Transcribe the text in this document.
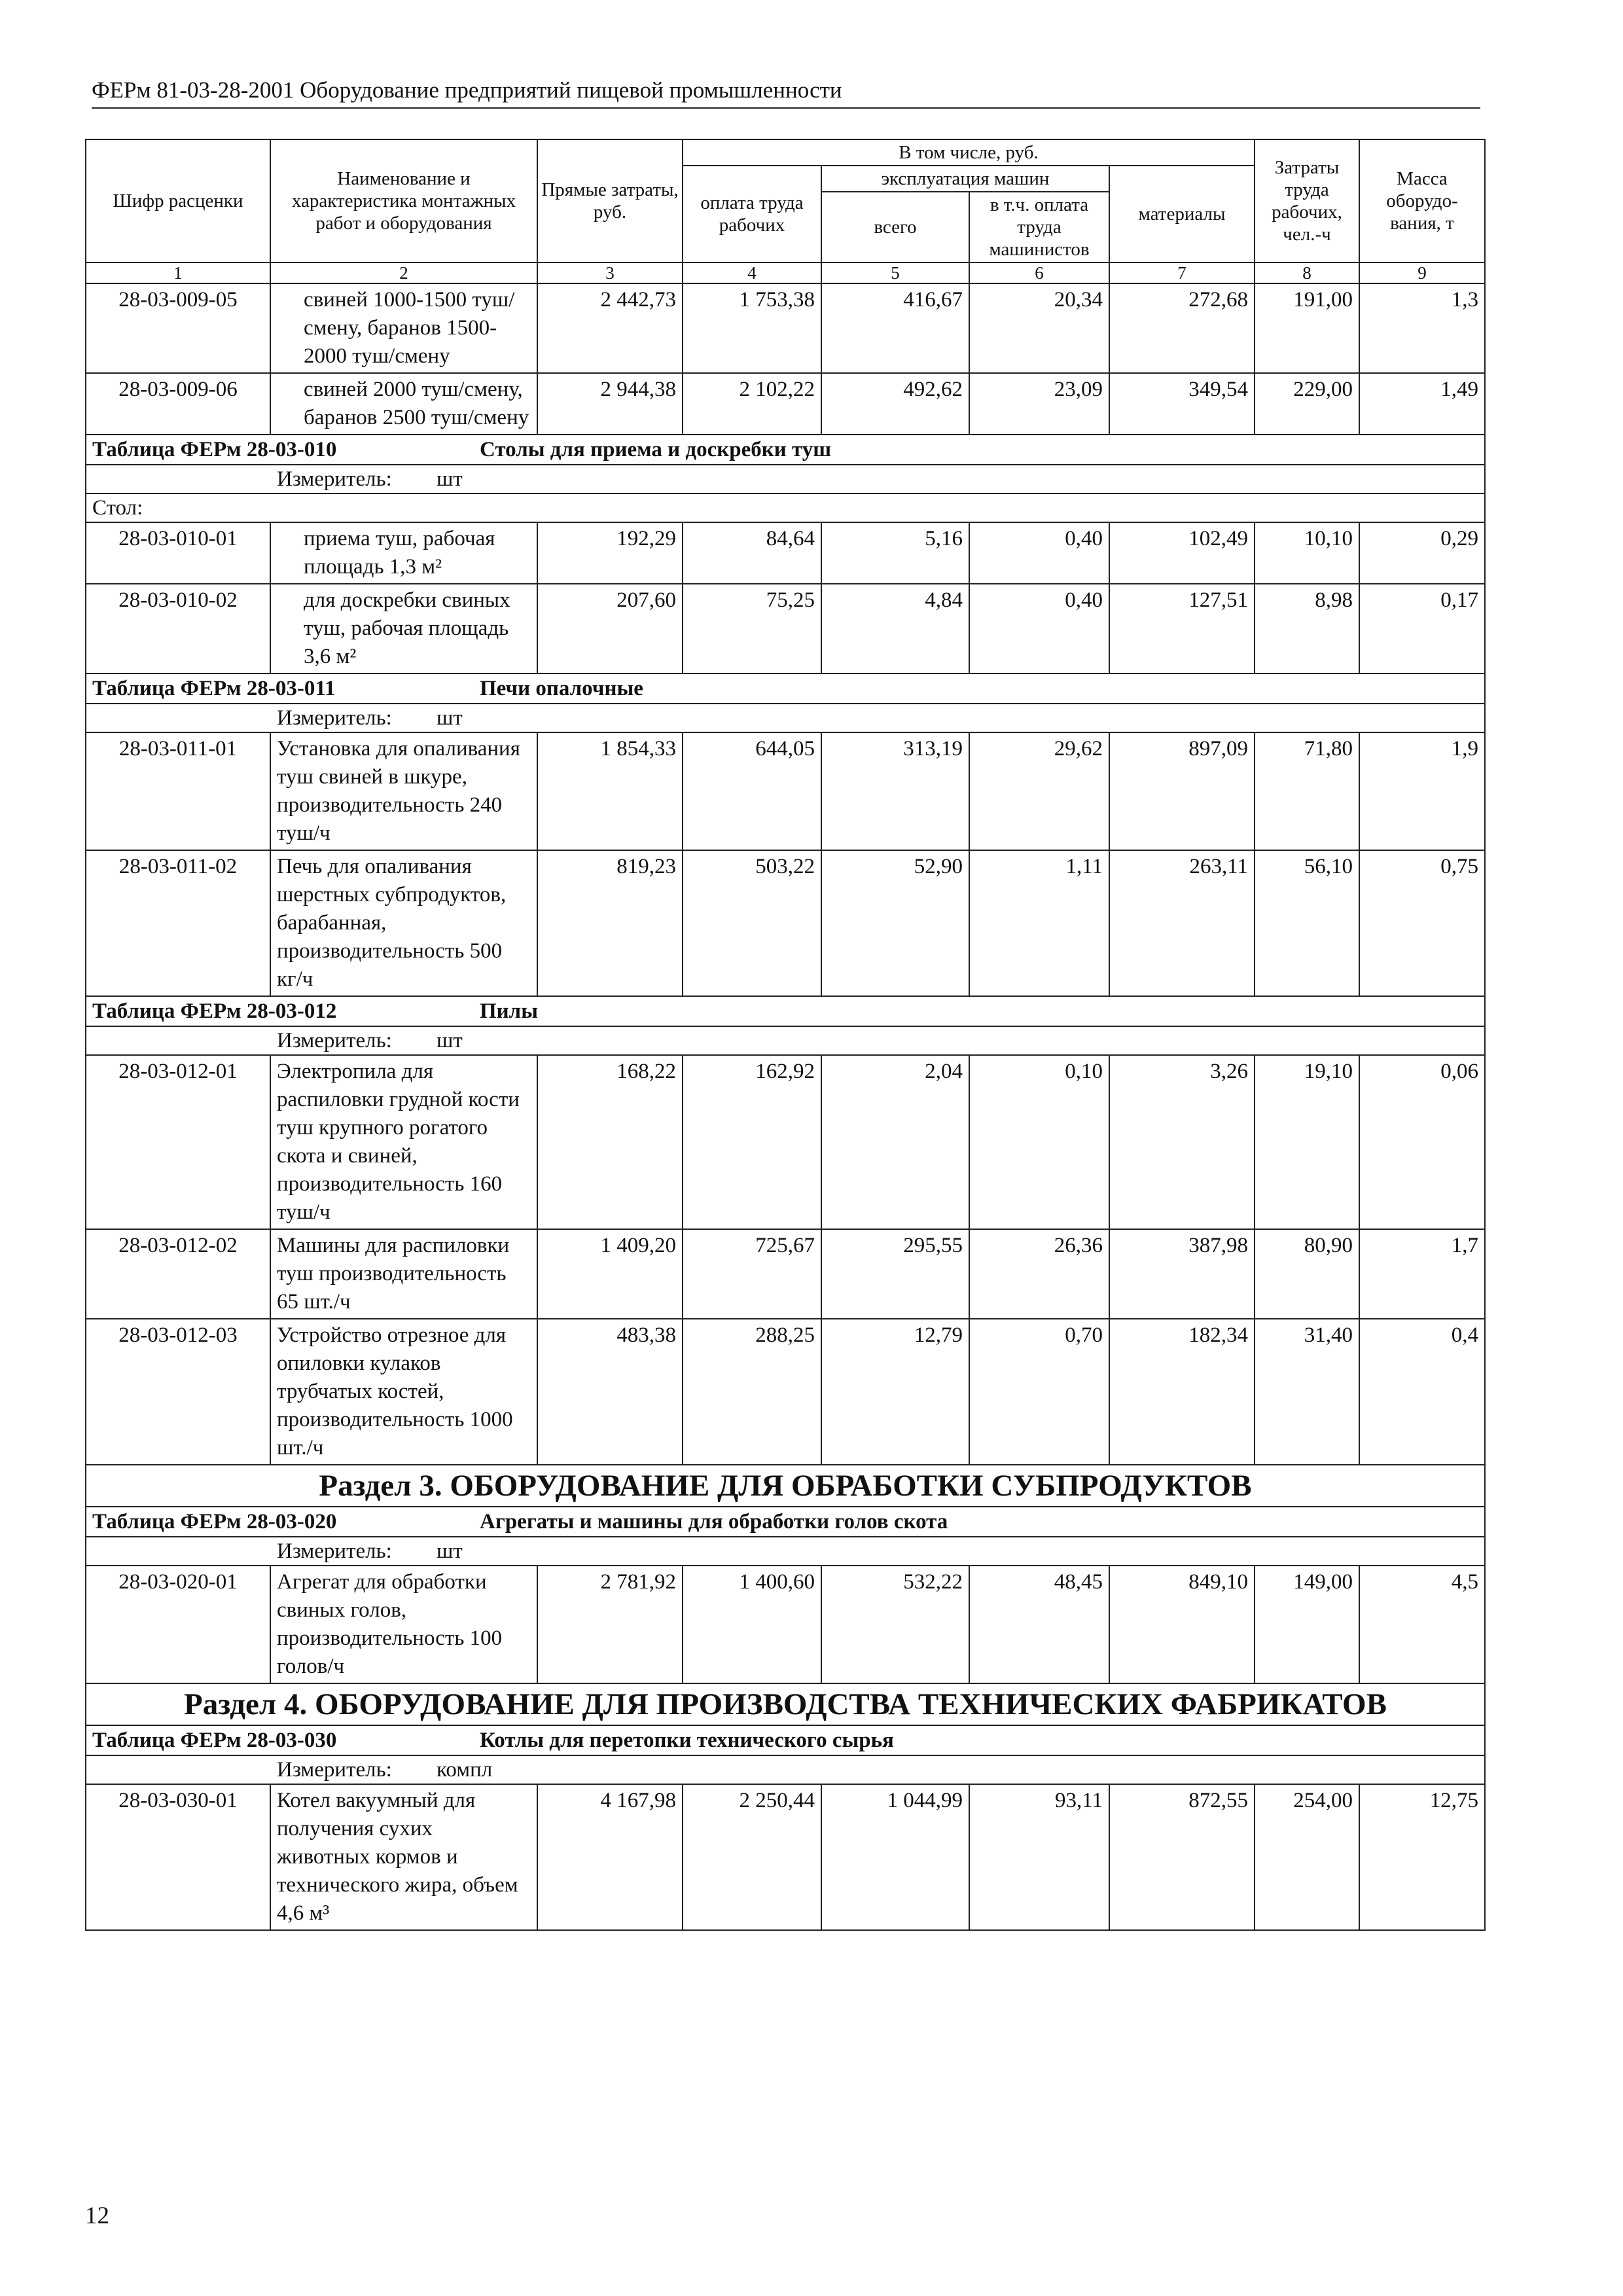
ФЕРм 81-03-28-2001 Оборудование предприятий пищевой промышленности
Шифр расценки	Наименование и характеристика монтажных работ и оборудования	Прямые затраты, руб.	В том числе, руб.				Затраты труда рабочих, чел.-ч	Масса оборудо-вания, т
			оплата труда рабочих	эксплуатация машин		материалы		
				всего	в т.ч. оплата труда машинистов			
1	2	3	4	5	6	7	8	9
28-03-009-05	свиней 1000-1500 туш/смену, баранов 1500-2000 туш/смену	2 442,73	1 753,38	416,67	20,34	272,68	191,00	1,3
28-03-009-06	свиней 2000 туш/смену, баранов 2500 туш/смену	2 944,38	2 102,22	492,62	23,09	349,54	229,00	1,49
Таблица ФЕРм 28-03-010 Столы для приема и доскребки туш								
Измеритель: шт								
Стол:								
28-03-010-01	приема туш, рабочая площадь 1,3 м²	192,29	84,64	5,16	0,40	102,49	10,10	0,29
28-03-010-02	для доскребки свиных туш, рабочая площадь 3,6 м²	207,60	75,25	4,84	0,40	127,51	8,98	0,17
Таблица ФЕРм 28-03-011 Печи опалочные								
Измеритель: шт								
28-03-011-01	Установка для опаливания туш свиней в шкуре, производительность 240 туш/ч	1 854,33	644,05	313,19	29,62	897,09	71,80	1,9
28-03-011-02	Печь для опаливания шерстных субпродуктов, барабанная, производительность 500 кг/ч	819,23	503,22	52,90	1,11	263,11	56,10	0,75
Таблица ФЕРм 28-03-012 Пилы								
Измеритель: шт								
28-03-012-01	Электропила для распиловки грудной кости туш крупного рогатого скота и свиней, производительность 160 туш/ч	168,22	162,92	2,04	0,10	3,26	19,10	0,06
28-03-012-02	Машины для распиловки туш производительность 65 шт./ч	1 409,20	725,67	295,55	26,36	387,98	80,90	1,7
28-03-012-03	Устройство отрезное для опиловки кулаков трубчатых костей, производительность 1000 шт./ч	483,38	288,25	12,79	0,70	182,34	31,40	0,4
Раздел 3. ОБОРУДОВАНИЕ ДЛЯ ОБРАБОТКИ СУБПРОДУКТОВ								
Таблица ФЕРм 28-03-020 Агрегаты и машины для обработки голов скота								
Измеритель: шт								
28-03-020-01	Агрегат для обработки свиных голов, производительность 100 голов/ч	2 781,92	1 400,60	532,22	48,45	849,10	149,00	4,5
Раздел 4. ОБОРУДОВАНИЕ ДЛЯ ПРОИЗВОДСТВА ТЕХНИЧЕСКИХ ФАБРИКАТОВ								
Таблица ФЕРм 28-03-030 Котлы для перетопки технического сырья								
Измеритель: компл								
28-03-030-01	Котел вакуумный для получения сухих животных кормов и технического жира, объем 4,6 м³	4 167,98	2 250,44	1 044,99	93,11	872,55	254,00	12,75
12
